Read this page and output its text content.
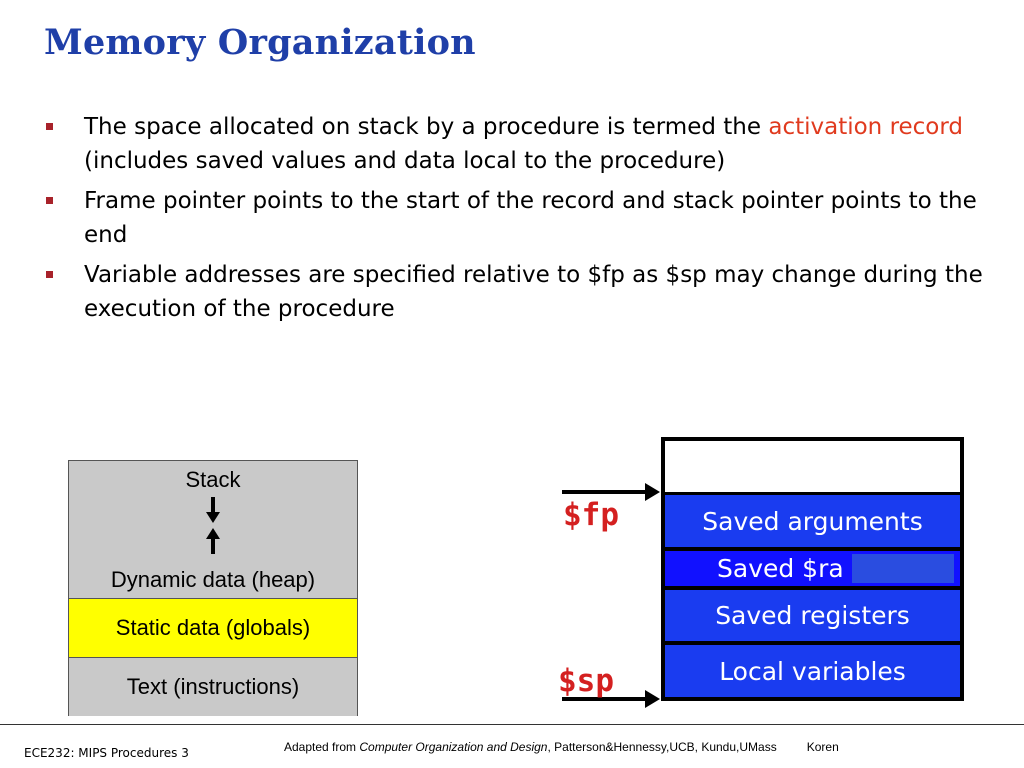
Memory Organization
The space allocated on stack by a procedure is termed the activation record (includes saved values and data local to the procedure)
Frame pointer points to the start of the record and stack pointer points to the end
Variable addresses are specified relative to $fp as $sp may change during the execution of the procedure
Stack
Dynamic data (heap)
Static data (globals)
Text (instructions)
$fp
$sp
Saved arguments
Saved $ra
Saved registers
Local variables
ECE232: MIPS Procedures 3	Adapted from Computer Organization and Design, Patterson&Hennessy,UCB, Kundu,UMass	Koren
